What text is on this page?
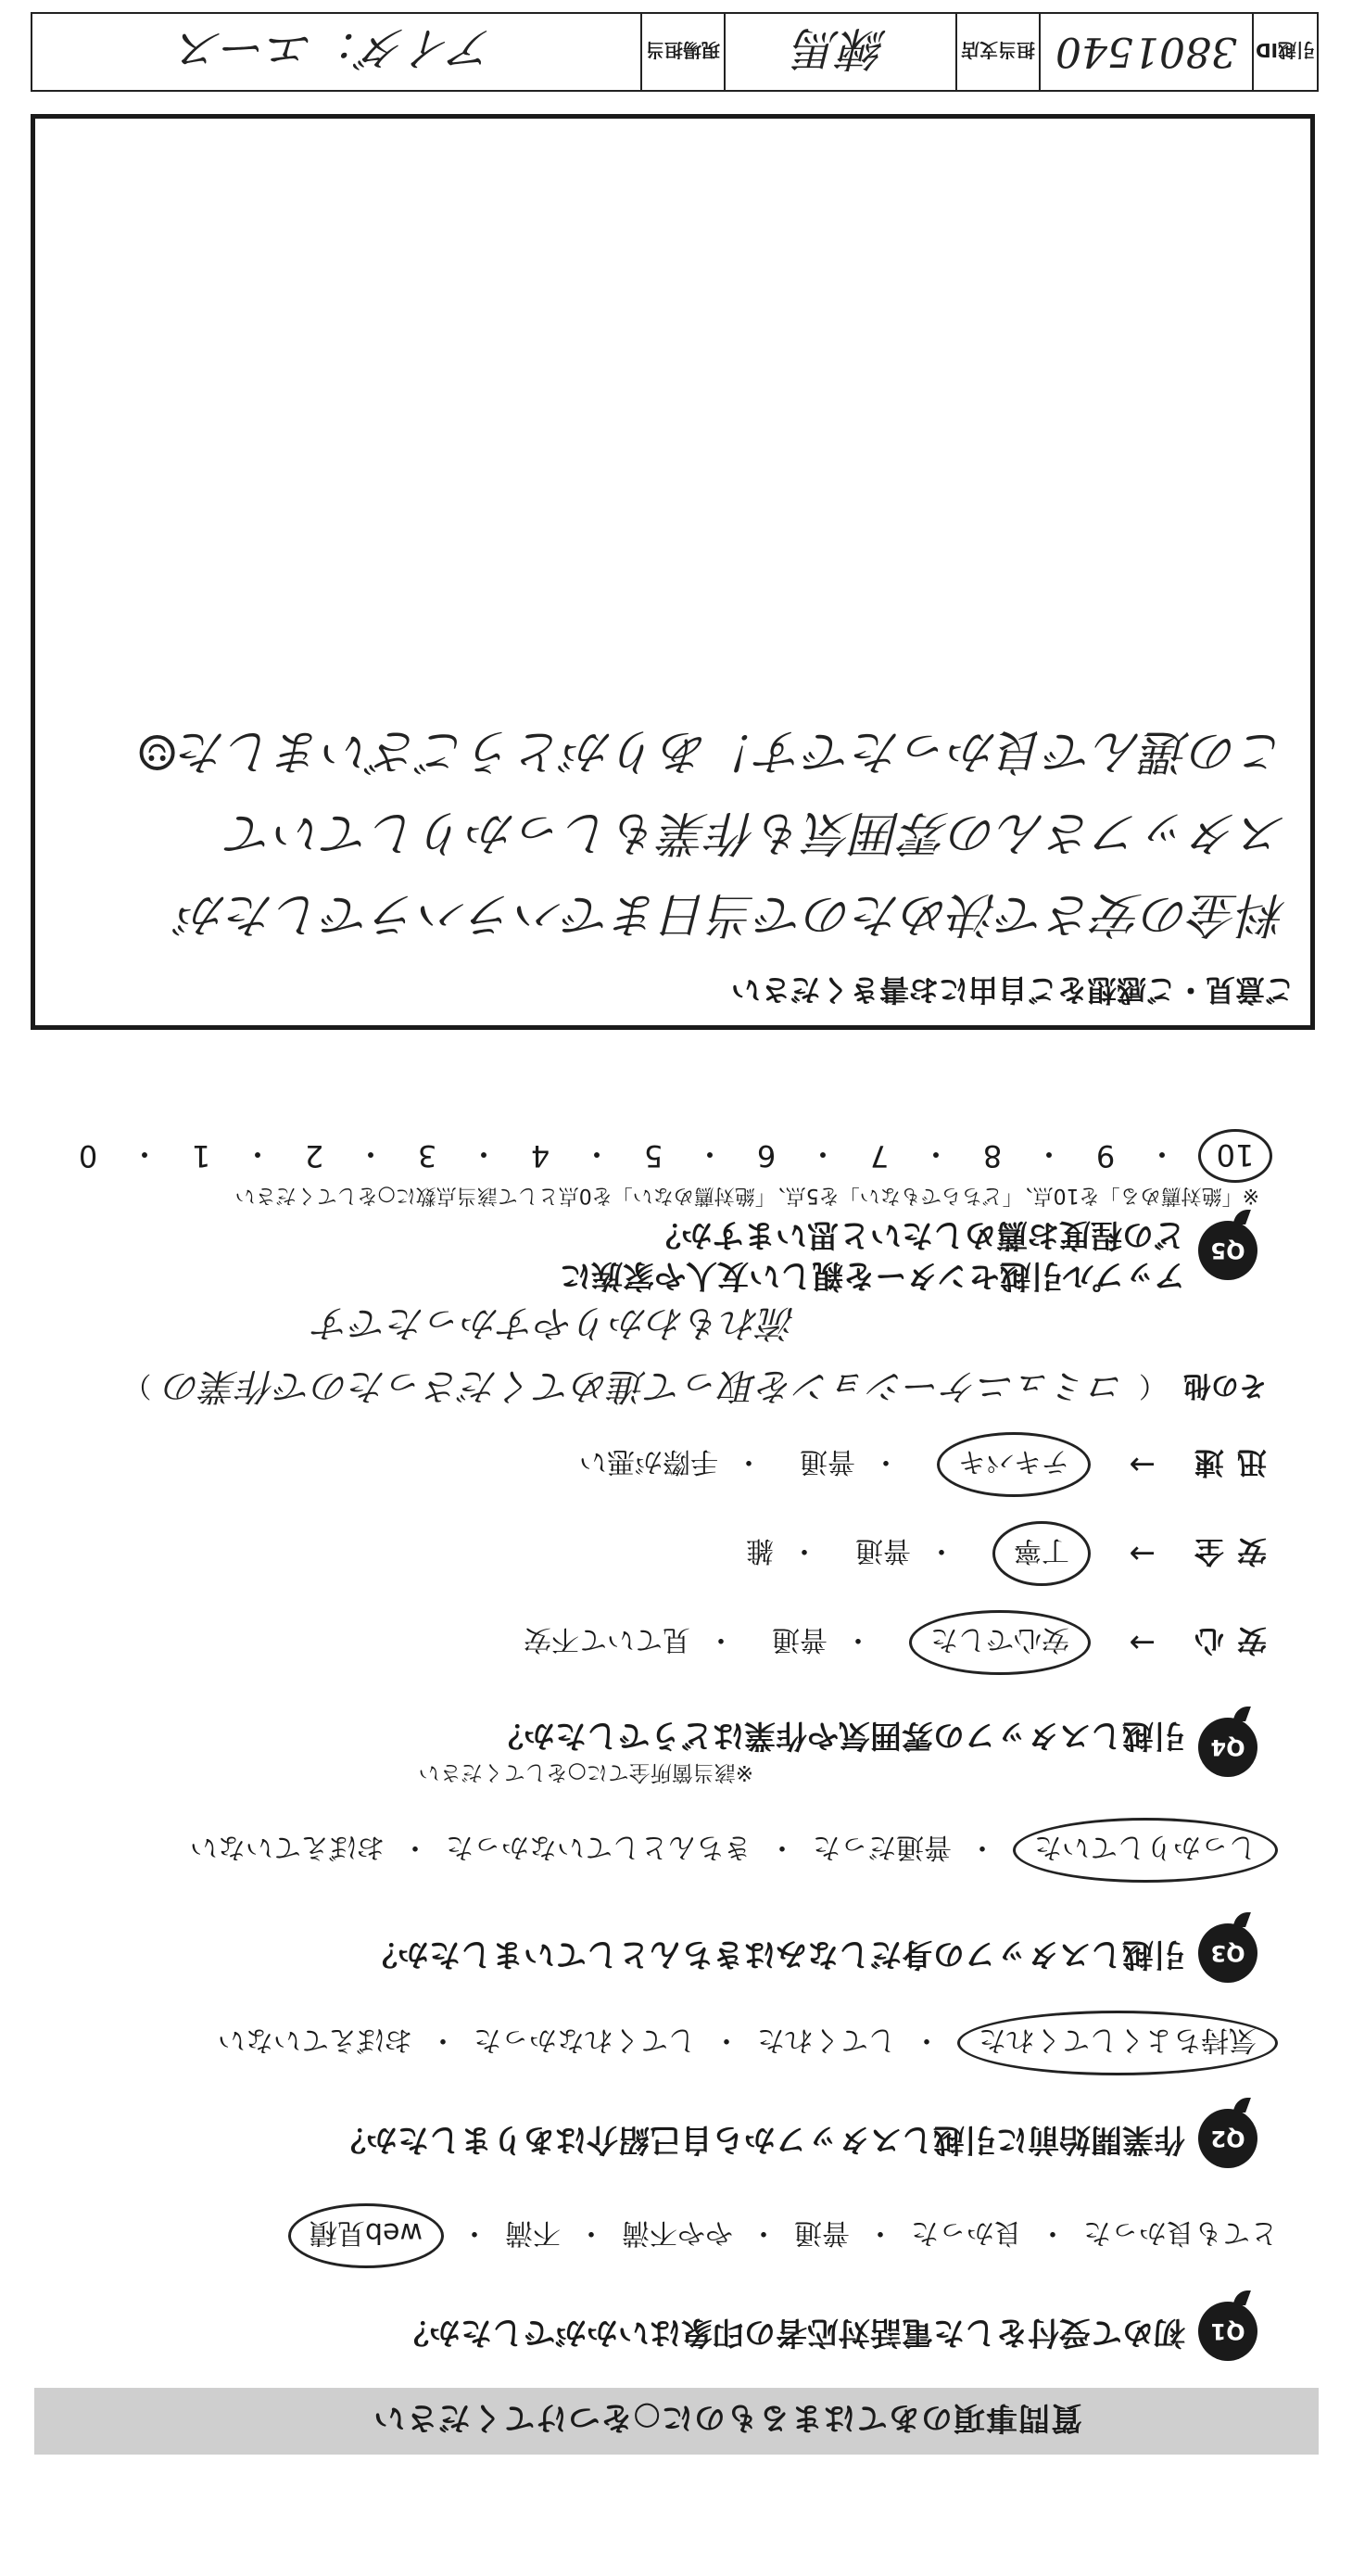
質問事項のあてはまるものに○をつけてください
Q1
初めて受付をした電話対応者の印象はいかがでしたか？
とても良かった
・
良かった
・
普通
・
やや不満
・
不満
・
web見積
Q2
作業開始前に引越しスタッフから自己紹介はありましたか？
気持ちよくしてくれた
・
してくれた
・
してくれなかった
・
おぼえていない
Q3
引越しスタッフの身だしなみはきちんとしていましたか？
しっかりしていた
・
普通だった
・
きちんとしていなかった
・
おぼえていない
Q4
※該当箇所全てに○をしてください
引越しスタッフの雰囲気や作業はどうでしたか？
安心
→
安心でした
・
普通
・
見ていて不安
安全
→
丁寧
・
普通
・
雑
迅速
→
テキパキ
・
普通
・
手際が悪い
その他
（
コミュニケーションを取って進めてくださったので作業の
）
流れもわかりやすかったです
Q5
アップル引越センターを親しい友人や家族に
どの程度お薦めしたいと思いますか？
※「絶対薦める」を10点、「どちらでもない」を5点、「絶対薦めない」を0点として該当点数に○をしてください
10
・
9
・
8
・
7
・
6
・
5
・
4
・
3
・
2
・
1
・
0
ご意見・ご感想をご自由にお書きください
料金の安さで決めたので当日までハラハラでしたが
スタッフさんの雰囲気も作業もしっかりしていて
この選んで良かったです！ありがとうございました☺
引越ID
3801540
担当支店
練馬
現場担当
アイダ：エース
